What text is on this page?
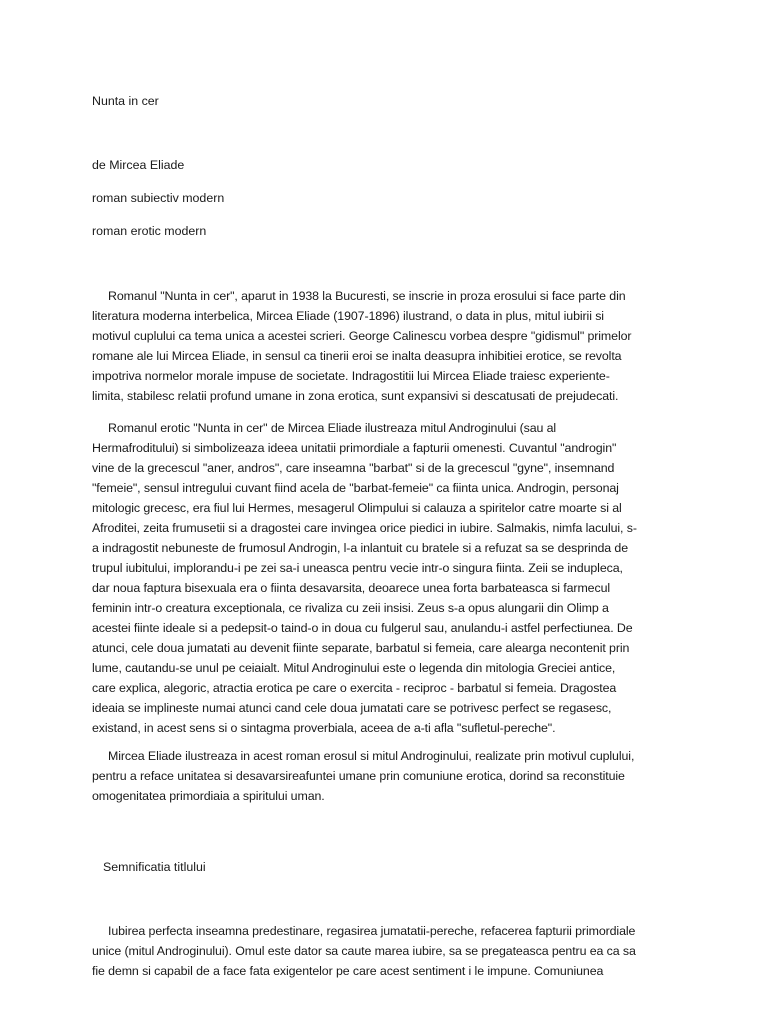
Nunta in cer

de Mircea Eliade

roman subiectiv modern

roman erotic modern

Romanul "Nunta in cer", aparut in 1938 la Bucuresti, se inscrie in proza erosului si face parte din
literatura moderna interbelica, Mircea Eliade (1907-1896) ilustrand, o data in plus, mitul iubirii si
motivul cuplului ca tema unica a acestei scrieri. George Calinescu vorbea despre "gidismul" primelor
romane ale lui Mircea Eliade, in sensul ca tinerii eroi se inalta deasupra inhibitiei erotice, se revolta
impotriva normelor morale impuse de societate. Indragostitii lui Mircea Eliade traiesc experiente-
limita, stabilesc relatii profund umane in zona erotica, sunt expansivi si descatusati de prejudecati.
Romanul erotic "Nunta in cer" de Mircea Eliade ilustreaza mitul Androginului (sau al
Hermafroditului) si simbolizeaza ideea unitatii primordiale a fapturii omenesti. Cuvantul "androgin"
vine de la grecescul "aner, andros", care inseamna "barbat" si de la grecescul "gyne", insemnand
"femeie", sensul intregului cuvant fiind acela de "barbat-femeie" ca fiinta unica. Androgin, personaj
mitologic grecesc, era fiul lui Hermes, mesagerul Olimpului si calauza a spiritelor catre moarte si al
Afroditei, zeita frumusetii si a dragostei care invingea orice piedici in iubire. Salmakis, nimfa lacului, s-
a indragostit nebuneste de frumosul Androgin, l-a inlantuit cu bratele si a refuzat sa se desprinda de
trupul iubitului, implorandu-i pe zei sa-i uneasca pentru vecie intr-o singura fiinta. Zeii se induplecа,
dar noua faptura bisexuala era o fiinta desavarsita, deoarece unea forta barbateasca si farmecul
feminin intr-o creatura exceptionala, ce rivaliza cu zeii insisi. Zeus s-a opus alungarii din Olimp a
acestei fiinte ideale si a pedepsit-o taind-o in doua cu fulgerul sau, anulandu-i astfel perfectiunea. De
atunci, cele doua jumatati au devenit fiinte separate, barbatul si femeia, care alearga necontenit prin
lume, cautandu-se unul pe ceiaialt. Mitul Androginului este o legenda din mitologia Greciei antice,
care explica, alegoric, atractia erotica pe care o exercita - reciproc - barbatul si femeia. Dragostea
ideaia se implineste numai atunci cand cele doua jumatati care se potrivesc perfect se regasesc,
existand, in acest sens si o sintagma proverbiala, aceea de a-ti afla "sufletul-pereche".
Mircea Eliade ilustreaza in acest roman erosul si mitul Androginului, realizate prin motivul cuplului,
pentru a reface unitatea si desavarsireafuntei umane prin comuniune erotica, dorind sa reconstituie
omogenitatea primordiaia a spiritului uman.

Semnificatia titlului

Iubirea perfecta inseamna predestinare, regasirea jumatatii-pereche, refacerea fapturii primordiale
unice (mitul Androginului). Omul este dator sa caute marea iubire, sa se pregateasca pentru ea ca sa
fie demn si capabil de a face fata exigentelor pe care acest sentiment i le impune. Comuniunea
